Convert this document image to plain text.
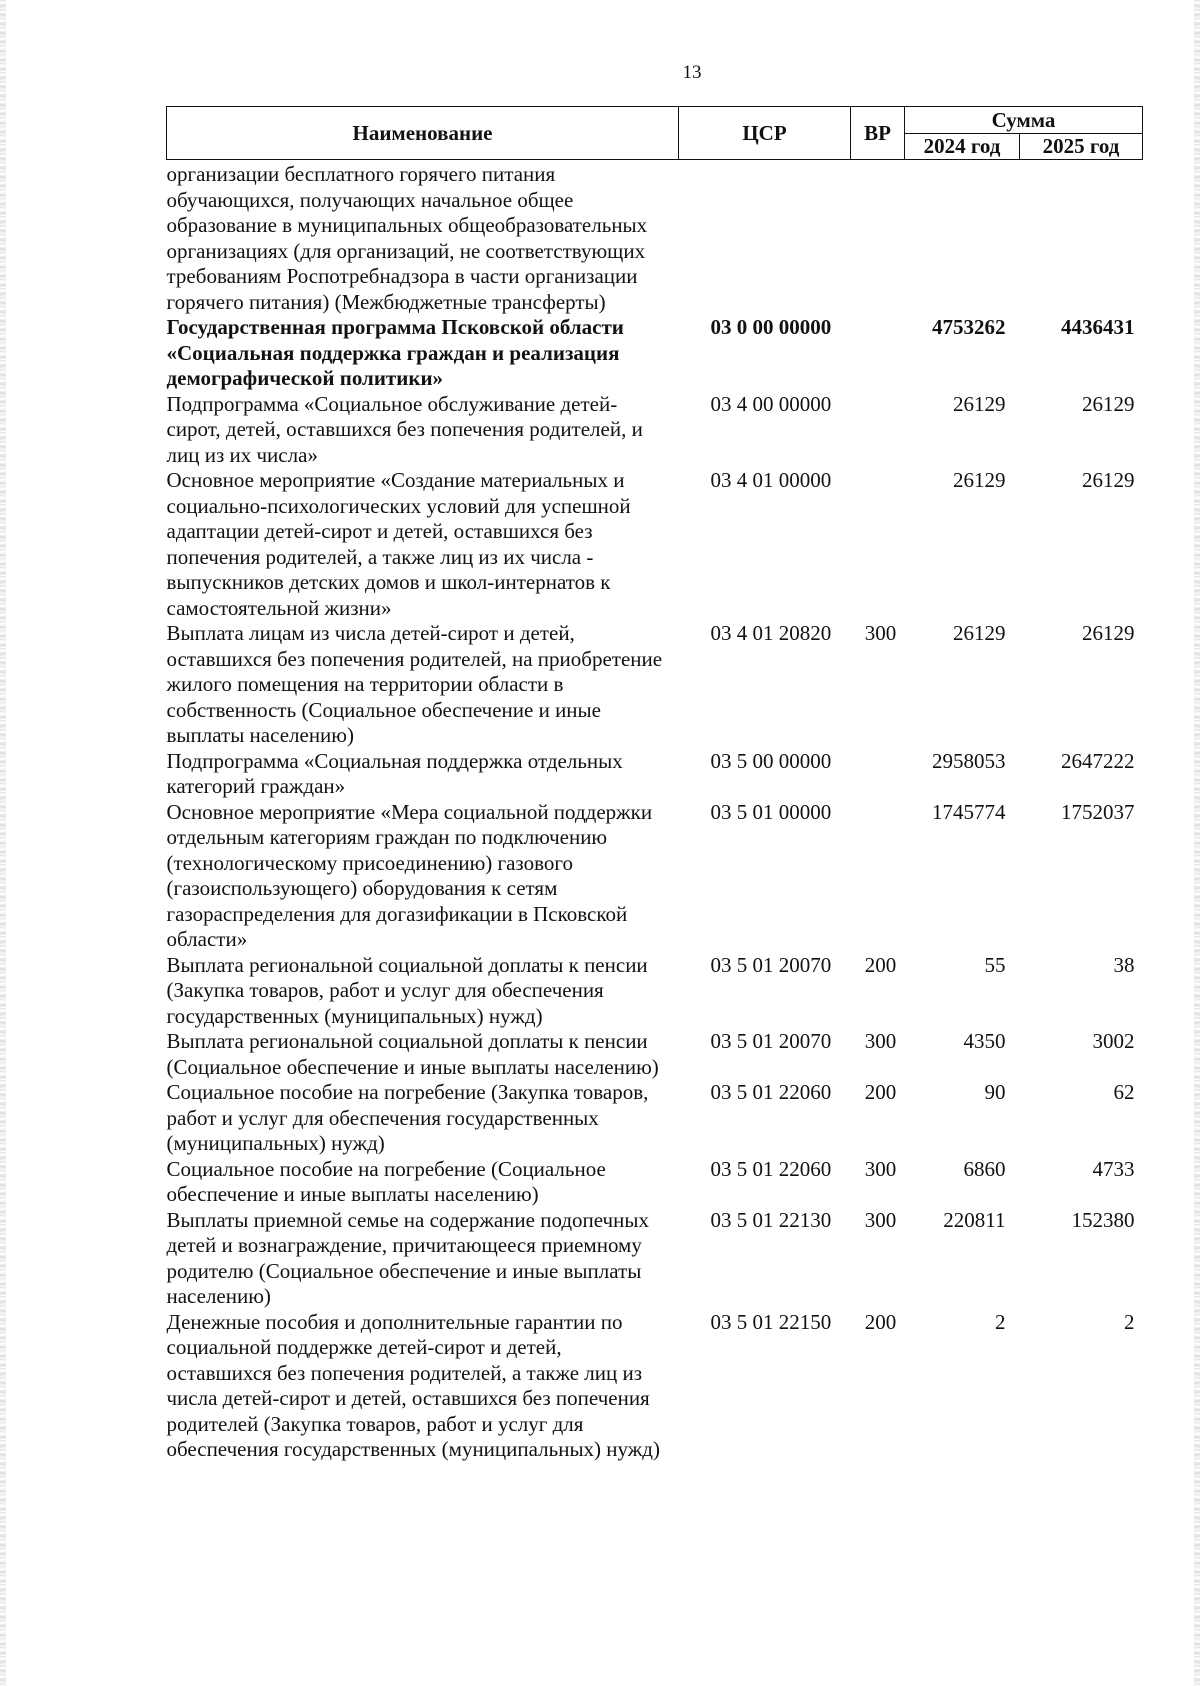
13
Наименование	ЦСР	ВР	Сумма	
			2024 год	2025 год
организации бесплатного горячего питания обучающихся, получающих начальное общее образование в муниципальных общеобразовательных организациях (для организаций, не соответствующих требованиям Роспотребнадзора в части организации горячего питания) (Межбюджетные трансферты)				
Государственная программа Псковской области «Социальная поддержка граждан и реализация демографической политики»	03 0 00 00000		4753262	4436431
Подпрограмма «Социальное обслуживание детей-сирот, детей, оставшихся без попечения родителей, и лиц из их числа»	03 4 00 00000		26129	26129
Основное мероприятие «Создание материальных и социально-психологических условий для успешной адаптации детей-сирот и детей, оставшихся без попечения родителей, а также лиц из их числа - выпускников детских домов и школ-интернатов к самостоятельной жизни»	03 4 01 00000		26129	26129
Выплата лицам из числа детей-сирот и детей, оставшихся без попечения родителей, на приобретение жилого помещения на территории области в собственность (Социальное обеспечение и иные выплаты населению)	03 4 01 20820	300	26129	26129
Подпрограмма «Социальная поддержка отдельных категорий граждан»	03 5 00 00000		2958053	2647222
Основное мероприятие «Мера социальной поддержки отдельным категориям граждан по подключению (технологическому присоединению) газового (газоиспользующего) оборудования к сетям газораспределения для догазификации в Псковской области»	03 5 01 00000		1745774	1752037
Выплата региональной социальной доплаты к пенсии (Закупка товаров, работ и услуг для обеспечения государственных (муниципальных) нужд)	03 5 01 20070	200	55	38
Выплата региональной социальной доплаты к пенсии (Социальное обеспечение и иные выплаты населению)	03 5 01 20070	300	4350	3002
Социальное пособие на погребение (Закупка товаров, работ и услуг для обеспечения государственных (муниципальных) нужд)	03 5 01 22060	200	90	62
Социальное пособие на погребение (Социальное обеспечение и иные выплаты населению)	03 5 01 22060	300	6860	4733
Выплаты приемной семье на содержание подопечных детей и вознаграждение, причитающееся приемному родителю (Социальное обеспечение и иные выплаты населению)	03 5 01 22130	300	220811	152380
Денежные пособия и дополнительные гарантии по социальной поддержке детей-сирот и детей, оставшихся без попечения родителей, а также лиц из числа детей-сирот и детей, оставшихся без попечения родителей (Закупка товаров, работ и услуг для обеспечения государственных (муниципальных) нужд)	03 5 01 22150	200	2	2
